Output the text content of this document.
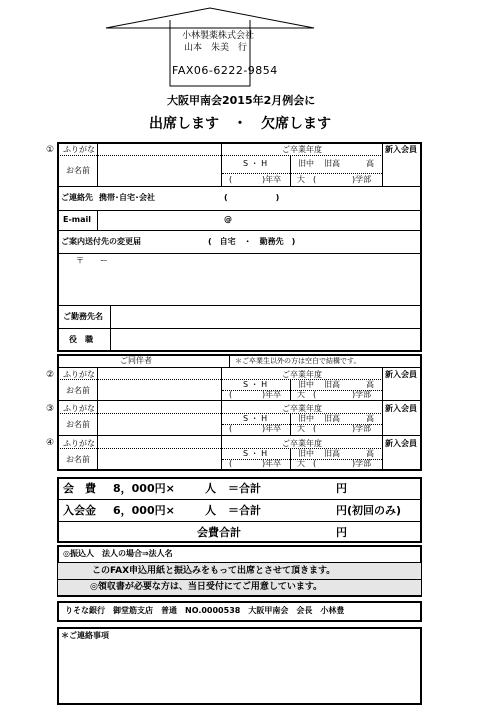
小林製薬株式会社
山本　朱美　行
FAX06-6222-9854
大阪甲南会2015年2月例会に
出席します　・　欠席します
① ふりがな
お名前
ご卒業年度	新入会員
S ・ H	旧中 旧高	高
(	)年卒 大　(	)学部
ご連絡先 携帯･自宅･会社	(　　　　　　)
E-mail	@
ご案内送付先の変更届	(　自宅　・　勤務先　)
〒　　ー
ご勤務先名
役　職
ご同伴者	＊ご卒業生以外の方は空白で結構です。
② ふりがな
お名前
ご卒業年度	新入会員
S ・ H	旧中 旧高	高
(	)年卒 大　(	)学部
③ ふりがな
お名前
ご卒業年度	新入会員
S ・ H	旧中 旧高	高
(	)年卒 大　(	)学部
④ ふりがな
お名前
ご卒業年度	新入会員
S ・ H	旧中 旧高	高
(	)年卒 大　(	)学部
会　費 8，000円×	人 ＝合計	円
入会金 6，000円×	人 ＝合計	円(初回のみ)
会費合計	円
◎振込人　法人の場合⇒法人名
このFAX申込用紙と振込みをもって出席とさせて頂きます。
◎領収書が必要な方は、当日受付にてご用意しています。
りそな銀行　御堂筋支店　普通　NO.0000538　大阪甲南会　会長　小林豊
＊ご連絡事項
